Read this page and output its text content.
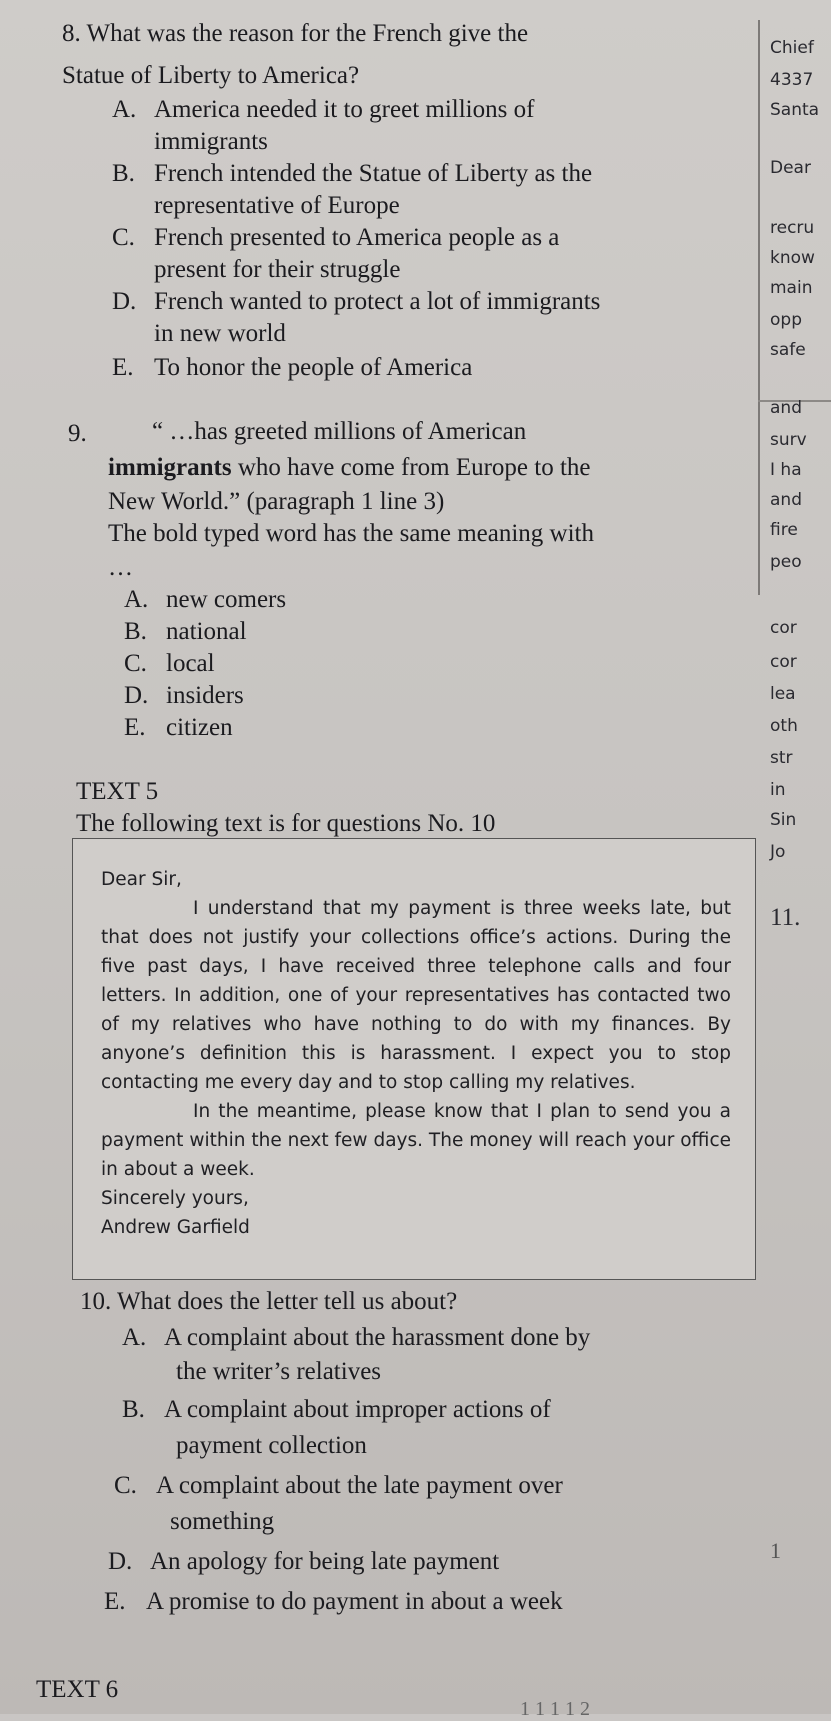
8. What was the reason for the French give the
Statue of Liberty to America?
A. America needed it to greet millions of
immigrants
B. French intended the Statue of Liberty as the
representative of Europe
C. French presented to America people as a
present for their struggle
D. French wanted to protect a lot of immigrants
in new world
E. To honor the people of America
9.	“ …has greeted millions of American
immigrants who have come from Europe to the
New World.” (paragraph 1 line 3)
The bold typed word has the same meaning with
…
A. new comers
B. national
C. local
D. insiders
E. citizen
TEXT 5
The following text is for questions No. 10

Dear Sir,

I understand that my payment is three weeks late, but that does not justify your collections office’s actions. During the five past days, I have received three telephone calls and four letters. In addition, one of your representatives has contacted two of my relatives who have nothing to do with my finances. By anyone’s definition this is harassment. I expect you to stop contacting me every day and to stop calling my relatives.

In the meantime, please know that I plan to send you a payment within the next few days. The money will reach your office in about a week.

Sincerely yours,

Andrew Garfield

10. What does the letter tell us about?
A. A complaint about the harassment done by
the writer’s relatives
B. A complaint about improper actions of
payment collection
C. A complaint about the late payment over
something
D. An apology for being late payment
E. A promise to do payment in about a week
TEXT 6
1 1 1 1 2
Chief
4337
Santa
Dear
recru
know
main
opp
safe
and
surv
I ha
and
fire
peo
cor
cor
lea
oth
str
in
Sin
Jo
11.
1
